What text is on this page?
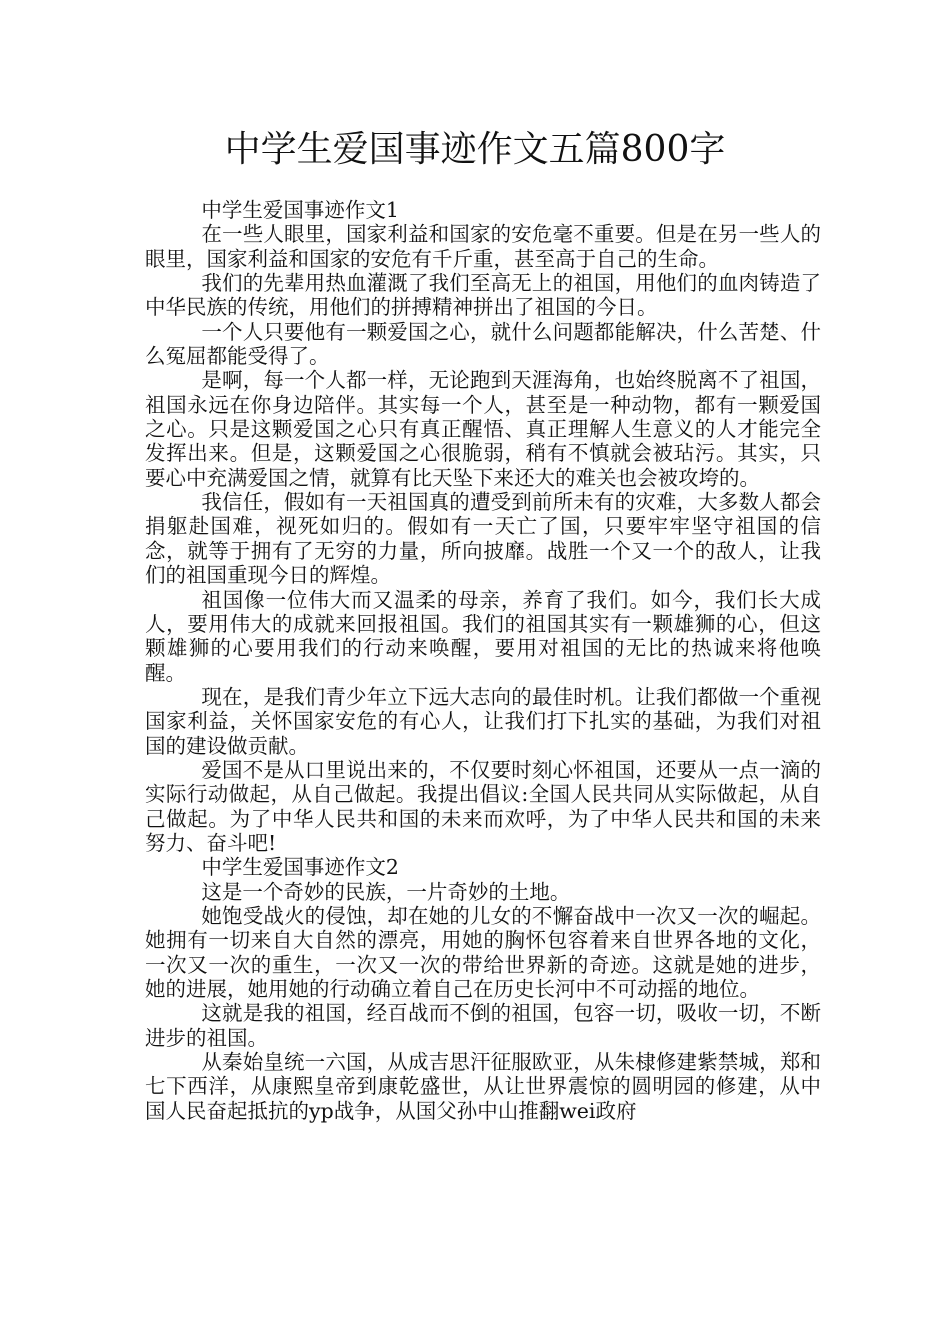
中学生爱国事迹作文五篇800字

中学生爱国事迹作文1

在一些人眼里，国家利益和国家的安危毫不重要。但是在另一些人的眼里，国家利益和国家的安危有千斤重，甚至高于自己的生命。

我们的先辈用热血灌溉了我们至高无上的祖国，用他们的血肉铸造了中华民族的传统，用他们的拼搏精神拼出了祖国的今日。

一个人只要他有一颗爱国之心，就什么问题都能解决，什么苦楚、什么冤屈都能受得了。

是啊，每一个人都一样，无论跑到天涯海角，也始终脱离不了祖国，祖国永远在你身边陪伴。其实每一个人，甚至是一种动物，都有一颗爱国之心。只是这颗爱国之心只有真正醒悟、真正理解人生意义的人才能完全发挥出来。但是，这颗爱国之心很脆弱，稍有不慎就会被玷污。其实，只要心中充满爱国之情，就算有比天坠下来还大的难关也会被攻垮的。

我信任，假如有一天祖国真的遭受到前所未有的灾难，大多数人都会捐躯赴国难，视死如归的。假如有一天亡了国，只要牢牢坚守祖国的信念，就等于拥有了无穷的力量，所向披靡。战胜一个又一个的敌人，让我们的祖国重现今日的辉煌。

祖国像一位伟大而又温柔的母亲，养育了我们。如今，我们长大成人，要用伟大的成就来回报祖国。我们的祖国其实有一颗雄狮的心，但这颗雄狮的心要用我们的行动来唤醒，要用对祖国的无比的热诚来将他唤醒。

现在，是我们青少年立下远大志向的最佳时机。让我们都做一个重视国家利益，关怀国家安危的有心人，让我们打下扎实的基础，为我们对祖国的建设做贡献。

爱国不是从口里说出来的，不仅要时刻心怀祖国，还要从一点一滴的实际行动做起，从自己做起。我提出倡议:全国人民共同从实际做起，从自己做起。为了中华人民共和国的未来而欢呼，为了中华人民共和国的未来努力、奋斗吧!

中学生爱国事迹作文2

这是一个奇妙的民族，一片奇妙的土地。

她饱受战火的侵蚀，却在她的儿女的不懈奋战中一次又一次的崛起。她拥有一切来自大自然的漂亮，用她的胸怀包容着来自世界各地的文化，一次又一次的重生，一次又一次的带给世界新的奇迹。这就是她的进步，她的进展，她用她的行动确立着自己在历史长河中不可动摇的地位。

这就是我的祖国，经百战而不倒的祖国，包容一切，吸收一切，不断进步的祖国。

从秦始皇统一六国，从成吉思汗征服欧亚，从朱棣修建紫禁城，郑和七下西洋，从康熙皇帝到康乾盛世，从让世界震惊的圆明园的修建，从中国人民奋起抵抗的yp战争，从国父孙中山推翻wei政府
